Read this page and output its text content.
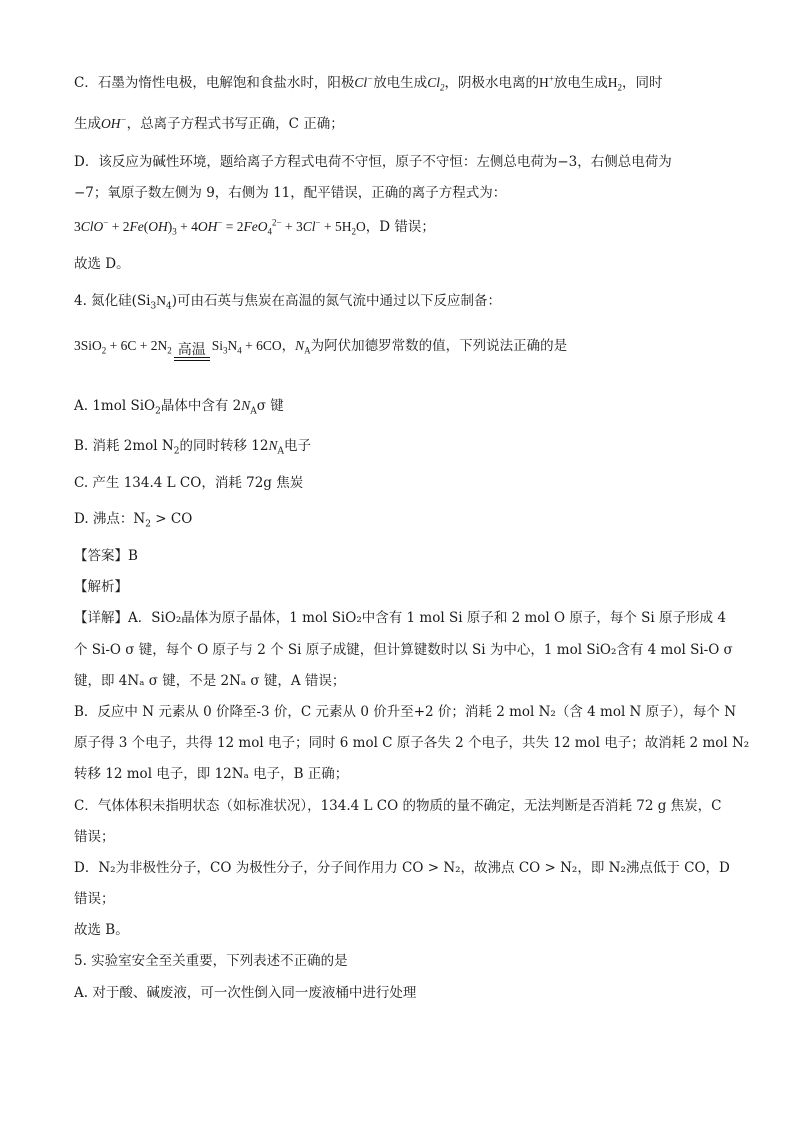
C．石墨为惰性电极，电解饱和食盐水时，阳极Cl−放电生成$Cl_2$，阴极水电离的H+放电生成$H_2$，同时
生成OH−，总离子方程式书写正确，C 正确；
D．该反应为碱性环境，题给离子方程式电荷不守恒，原子不守恒：左侧总电荷为−3，右侧总电荷为
−7；氧原子数左侧为 9，右侧为 11，配平错误，正确的离子方程式为：
$3ClO^- + 2Fe(OH)_3 + 4OH^- = 2FeO_4^{2-} + 3Cl^- + 5H_2O$，D 错误；
故选 D。
4. 氮化硅$(Si_3N_4)$可由石英与焦炭在高温的氮气流中通过以下反应制备：
$3SiO_2 + 6C + 2N_2$ 高温 $Si_3N_4 + 6CO$，$N_A$为阿伏加德罗常数的值，下列说法正确的是
A. 1mol SiO$_2$晶体中含有 $2N_A\sigma$ 键
B. 消耗 2mol $N_2$的同时转移 $12N_A$电子
C. 产生 134.4 L CO，消耗 72g 焦炭
D. 沸点：$N_2$ > CO
【答案】B
【解析】
【详解】A．SiO₂晶体为原子晶体，1 mol SiO₂中含有 1 mol Si 原子和 2 mol O 原子，每个 Si 原子形成 4
个 Si-O σ 键，每个 O 原子与 2 个 Si 原子成键，但计算键数时以 Si 为中心，1 mol SiO₂含有 4 mol Si-O σ
键，即 4Nₐ σ 键，不是 2Nₐ σ 键，A 错误；
B．反应中 N 元素从 0 价降至-3 价，C 元素从 0 价升至+2 价；消耗 2 mol N₂（含 4 mol N 原子），每个 N
原子得 3 个电子，共得 12 mol 电子；同时 6 mol C 原子各失 2 个电子，共失 12 mol 电子；故消耗 2 mol N₂
转移 12 mol 电子，即 12Nₐ 电子，B 正确；
C．气体体积未指明状态（如标准状况），134.4 L CO 的物质的量不确定，无法判断是否消耗 72 g 焦炭，C
错误；
D．N₂为非极性分子，CO 为极性分子，分子间作用力 CO > N₂，故沸点 CO > N₂，即 N₂沸点低于 CO，D
错误；
故选 B。
5. 实验室安全至关重要，下列表述不正确的是
A. 对于酸、碱废液，可一次性倒入同一废液桶中进行处理
